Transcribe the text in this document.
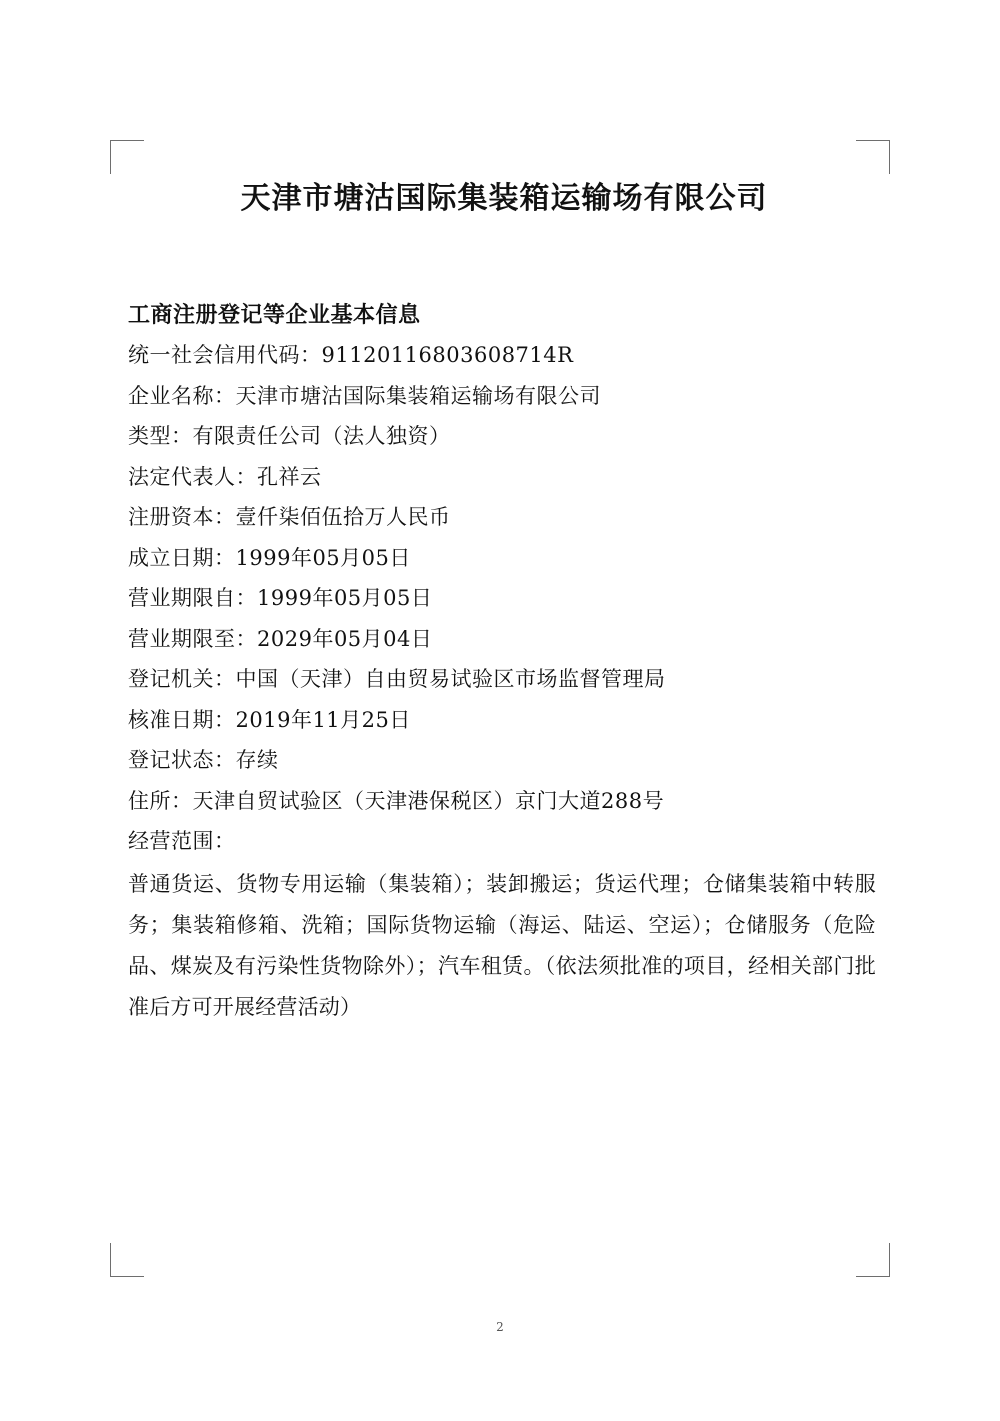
天津市塘沽国际集装箱运输场有限公司
工商注册登记等企业基本信息
统一社会信用代码：91120116803608714R
企业名称：天津市塘沽国际集装箱运输场有限公司
类型：有限责任公司（法人独资）
法定代表人：孔祥云
注册资本：壹仟柒佰伍拾万人民币
成立日期：1999年05月05日
营业期限自：1999年05月05日
营业期限至：2029年05月04日
登记机关：中国（天津）自由贸易试验区市场监督管理局
核准日期：2019年11月25日
登记状态：存续
住所：天津自贸试验区（天津港保税区）京门大道288号
经营范围：
普通货运、货物专用运输（集装箱）；装卸搬运；货运代理；仓储集装箱中转服务；集装箱修箱、洗箱；国际货物运输（海运、陆运、空运）；仓储服务（危险品、煤炭及有污染性货物除外）；汽车租赁。（依法须批准的项目，经相关部门批准后方可开展经营活动）
2
